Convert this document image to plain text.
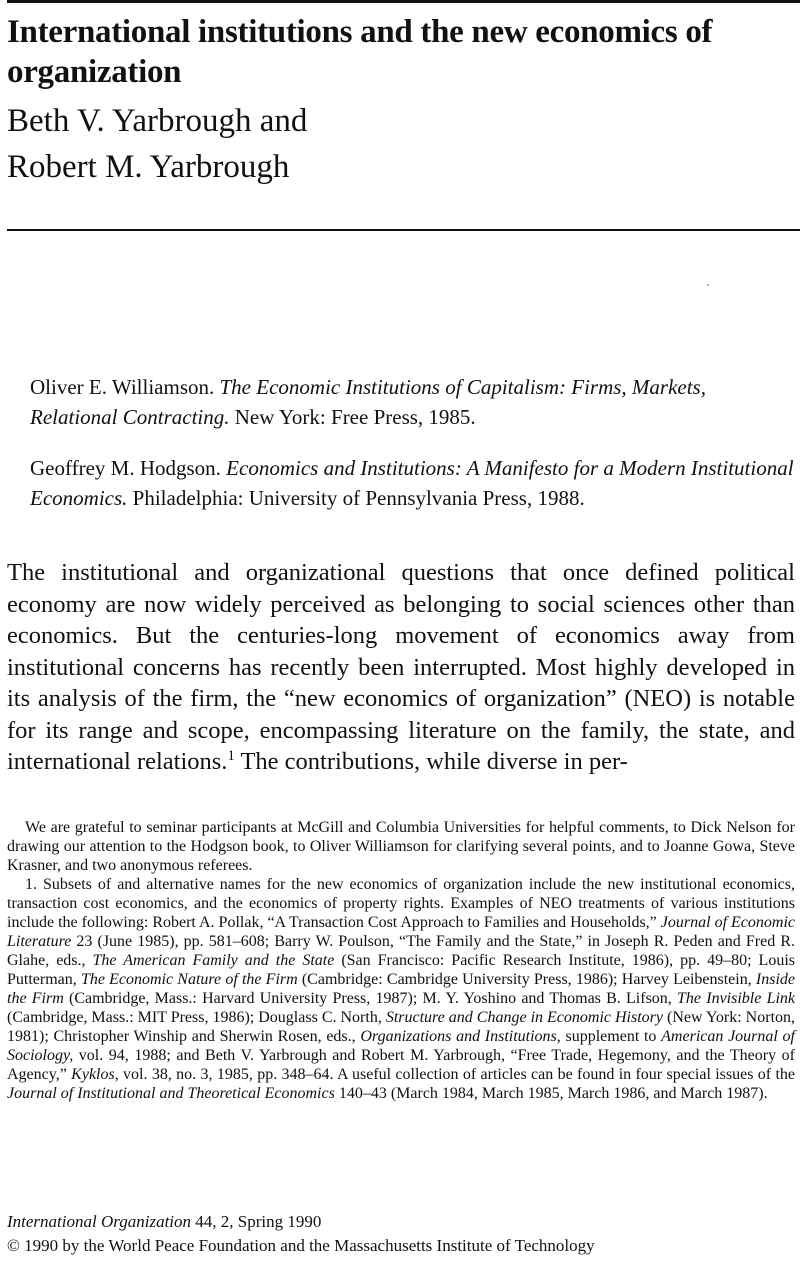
International institutions and the new economics of organization
Beth V. Yarbrough and
Robert M. Yarbrough
Oliver E. Williamson. The Economic Institutions of Capitalism: Firms, Markets, Relational Contracting. New York: Free Press, 1985.
Geoffrey M. Hodgson. Economics and Institutions: A Manifesto for a Modern Institutional Economics. Philadelphia: University of Pennsylvania Press, 1988.
The institutional and organizational questions that once defined political economy are now widely perceived as belonging to social sciences other than economics. But the centuries-long movement of economics away from institutional concerns has recently been interrupted. Most highly developed in its analysis of the firm, the “new economics of organization” (NEO) is notable for its range and scope, encompassing literature on the family, the state, and international relations.$^1$ The contributions, while diverse in per-

We are grateful to seminar participants at McGill and Columbia Universities for helpful comments, to Dick Nelson for drawing our attention to the Hodgson book, to Oliver Williamson for clarifying several points, and to Joanne Gowa, Steve Krasner, and two anonymous referees.

1. Subsets of and alternative names for the new economics of organization include the new institutional economics, transaction cost economics, and the economics of property rights. Examples of NEO treatments of various institutions include the following: Robert A. Pollak, “A Transaction Cost Approach to Families and Households,” Journal of Economic Literature 23 (June 1985), pp. 581–608; Barry W. Poulson, “The Family and the State,” in Joseph R. Peden and Fred R. Glahe, eds., The American Family and the State (San Francisco: Pacific Research Institute, 1986), pp. 49–80; Louis Putterman, The Economic Nature of the Firm (Cambridge: Cambridge University Press, 1986); Harvey Leibenstein, Inside the Firm (Cambridge, Mass.: Harvard University Press, 1987); M. Y. Yoshino and Thomas B. Lifson, The Invisible Link (Cambridge, Mass.: MIT Press, 1986); Douglass C. North, Structure and Change in Economic History (New York: Norton, 1981); Christopher Winship and Sherwin Rosen, eds., Organizations and Institutions, supplement to American Journal of Sociology, vol. 94, 1988; and Beth V. Yarbrough and Robert M. Yarbrough, “Free Trade, Hegemony, and the Theory of Agency,” Kyklos, vol. 38, no. 3, 1985, pp. 348–64. A useful collection of articles can be found in four special issues of the Journal of Institutional and Theoretical Economics 140–43 (March 1984, March 1985, March 1986, and March 1987).

International Organization 44, 2, Spring 1990
© 1990 by the World Peace Foundation and the Massachusetts Institute of Technology
